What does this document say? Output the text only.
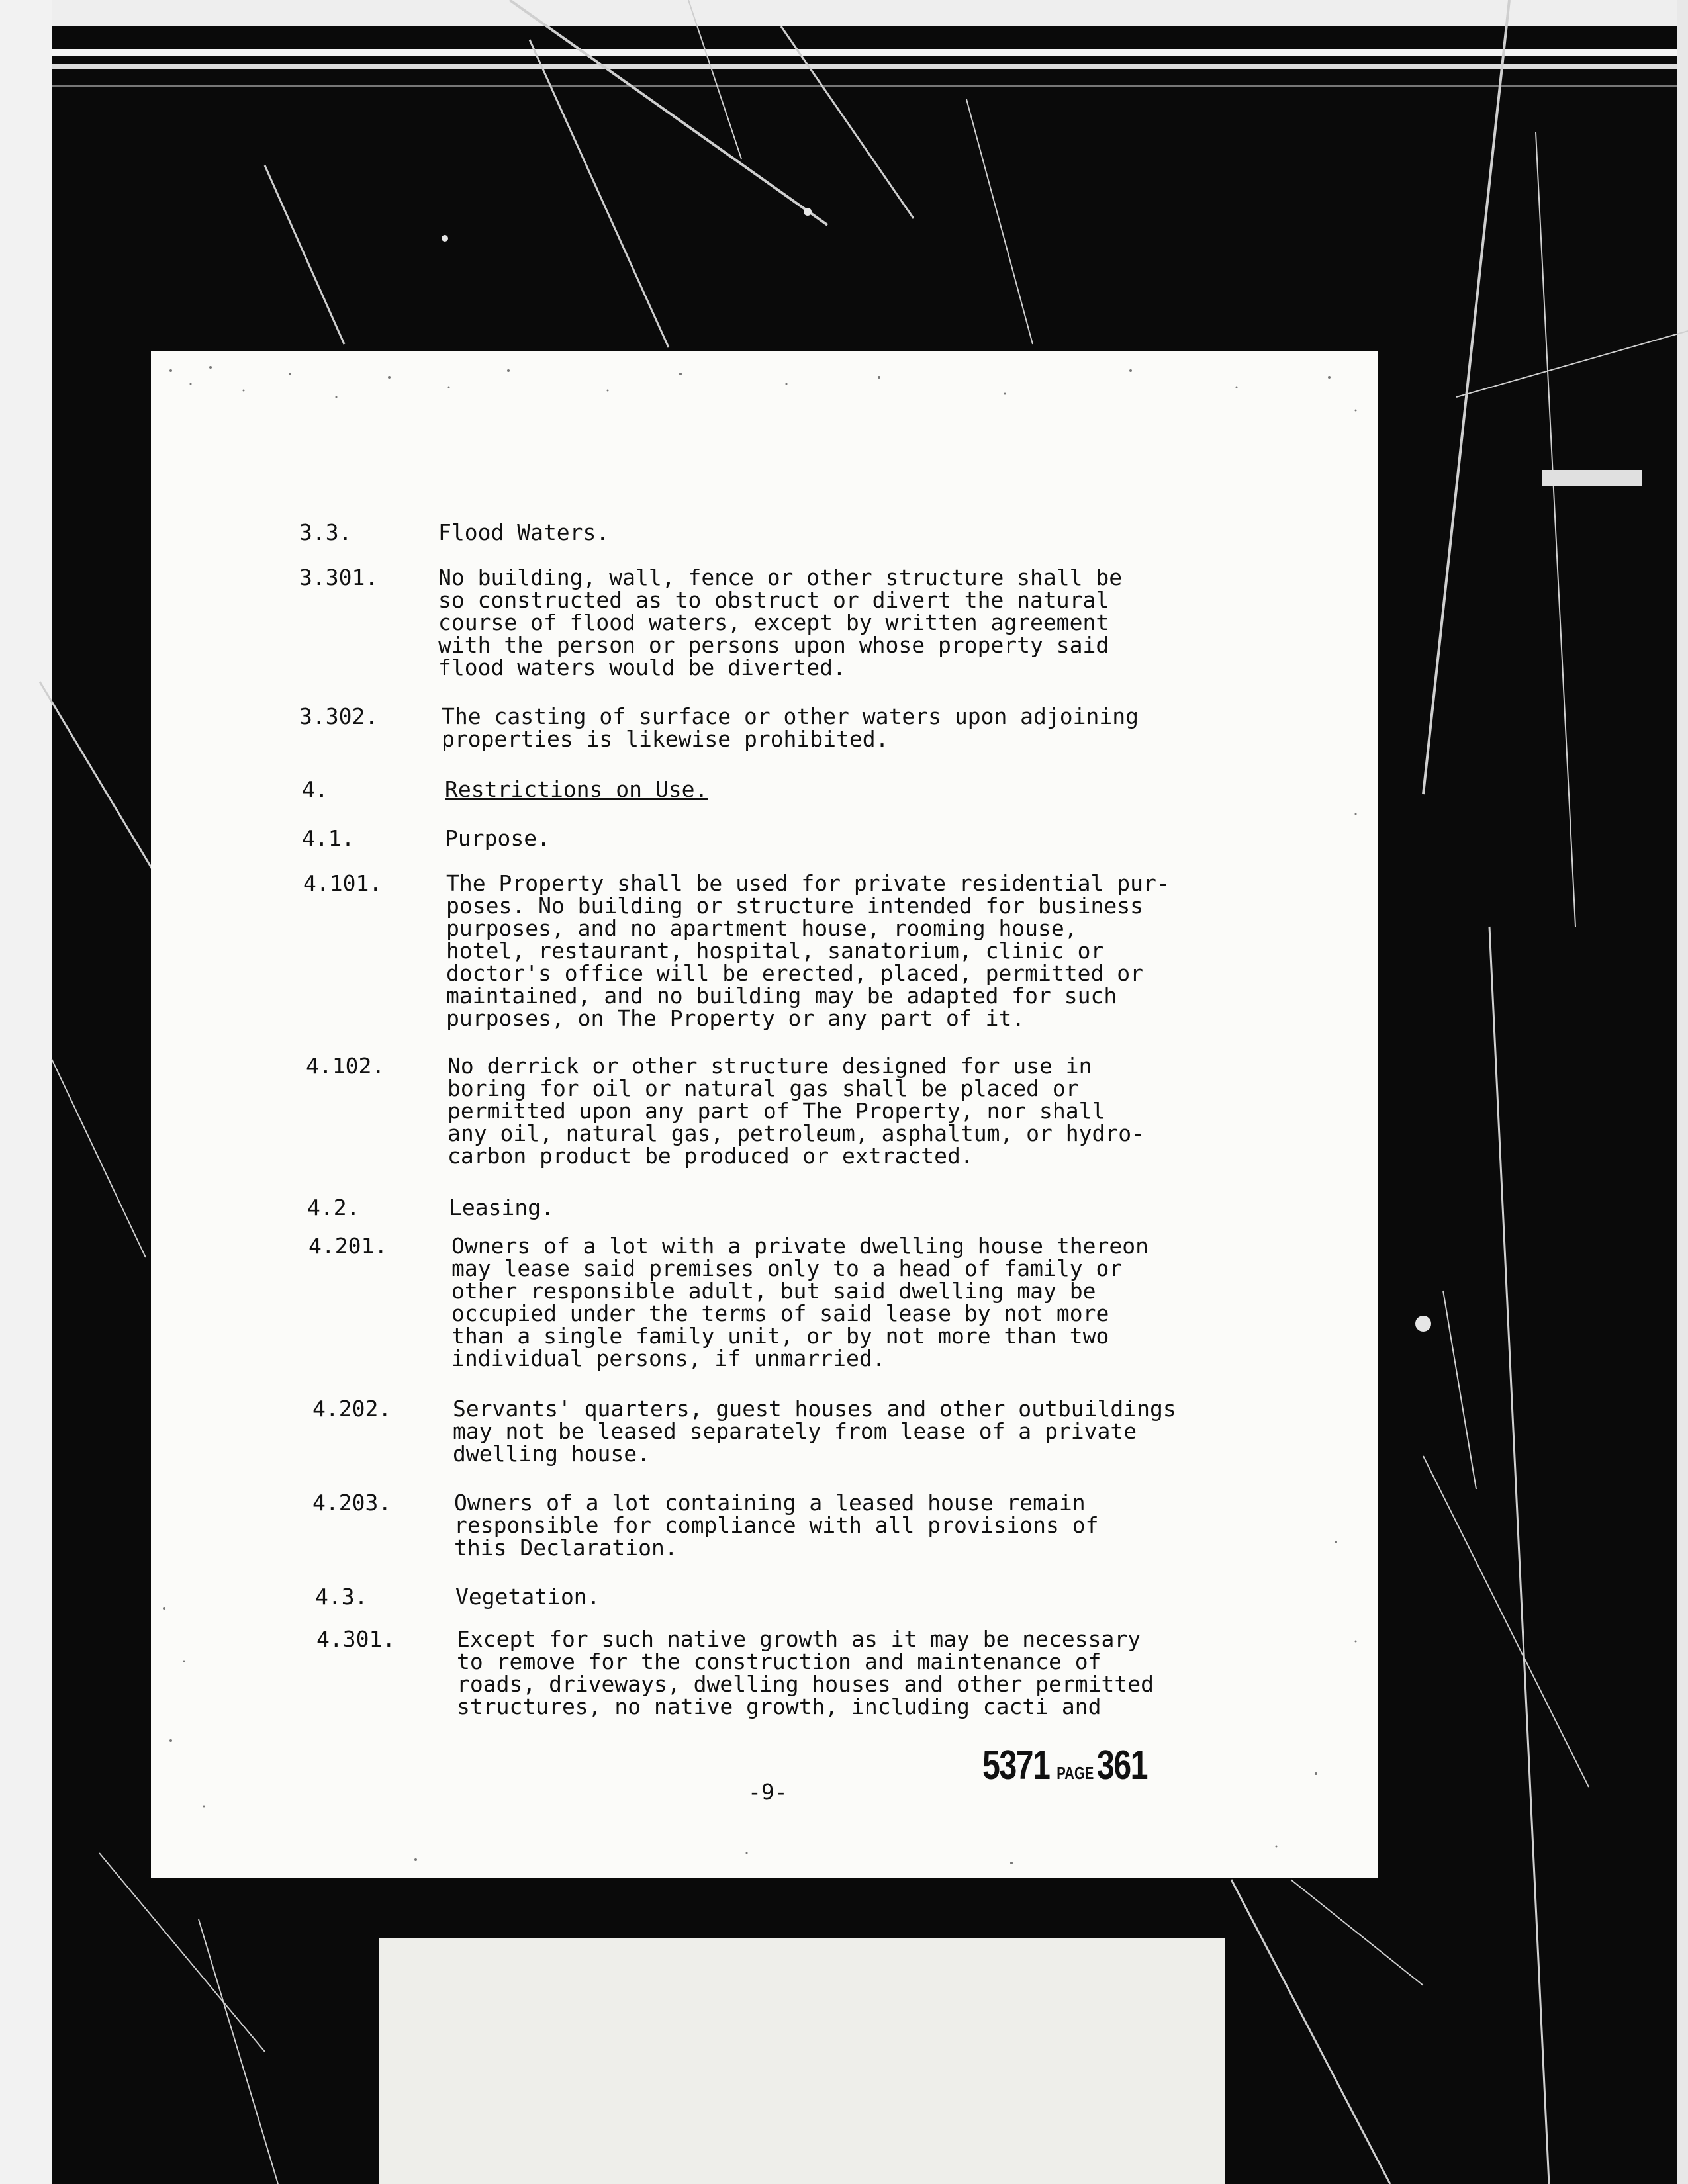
3.3.	Flood Waters.
3.301.	No building, wall, fence or other structure shall be
so constructed as to obstruct or divert the natural
course of flood waters, except by written agreement
with the person or persons upon whose property said
flood waters would be diverted.
3.302.	The casting of surface or other waters upon adjoining
properties is likewise prohibited.
4.	Restrictions on Use.
4.1.	Purpose.
4.101.	The Property shall be used for private residential pur-
poses. No building or structure intended for business
purposes, and no apartment house, rooming house,
hotel, restaurant, hospital, sanatorium, clinic or
doctor's office will be erected, placed, permitted or
maintained, and no building may be adapted for such
purposes, on The Property or any part of it.
4.102.	No derrick or other structure designed for use in
boring for oil or natural gas shall be placed or
permitted upon any part of The Property, nor shall
any oil, natural gas, petroleum, asphaltum, or hydro-
carbon product be produced or extracted.
4.2.	Leasing.
4.201.	Owners of a lot with a private dwelling house thereon
may lease said premises only to a head of family or
other responsible adult, but said dwelling may be
occupied under the terms of said lease by not more
than a single family unit, or by not more than two
individual persons, if unmarried.
4.202.	Servants' quarters, guest houses and other outbuildings
may not be leased separately from lease of a private
dwelling house.
4.203.	Owners of a lot containing a leased house remain
responsible for compliance with all provisions of
this Declaration.
4.3.	Vegetation.
4.301.	Except for such native growth as it may be necessary
to remove for the construction and maintenance of
roads, driveways, dwelling houses and other permitted
structures, no native growth, including cacti and
5371 PAGE361
-9-
